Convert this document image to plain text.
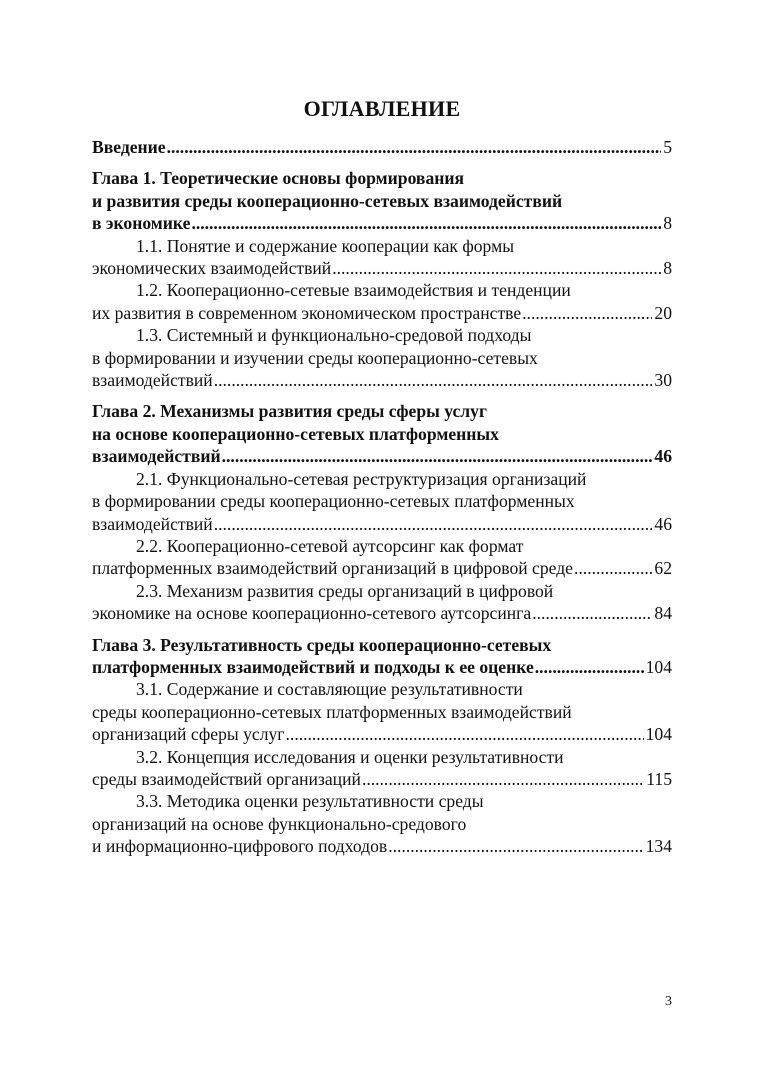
ОГЛАВЛЕНИЕ
Введение .....	5
Глава 1. Теоретические основы формирования
и развития среды кооперационно-сетевых взаимодействий
в экономике .....	8
1.1. Понятие и содержание кооперации как формы
экономических взаимодействий .....	8
1.2. Кооперационно-сетевые взаимодействия и тенденции
их развития в современном экономическом пространстве .....	20
1.3. Системный и функционально-средовой подходы
в формировании и изучении среды кооперационно-сетевых
взаимодействий .....	30
Глава 2. Механизмы развития среды сферы услуг
на основе кооперационно-сетевых платформенных
взаимодействий .....	46
2.1. Функционально-сетевая реструктуризация организаций
в формировании среды кооперационно-сетевых платформенных
взаимодействий .....	46
2.2. Кооперационно-сетевой аутсорсинг как формат
платформенных взаимодействий организаций в цифровой среде .....	62
2.3. Механизм развития среды организаций в цифровой
экономике на основе кооперационно-сетевого аутсорсинга .....	84
Глава 3. Результативность среды кооперационно-сетевых
платформенных взаимодействий и подходы к ее оценке .....	104
3.1. Содержание и составляющие результативности
среды кооперационно-сетевых платформенных взаимодействий
организаций сферы услуг .....	104
3.2. Концепция исследования и оценки результативности
среды взаимодействий организаций .....	115
3.3. Методика оценки результативности среды
организаций на основе функционально-средового
и информационно-цифрового подходов .....	134
3
